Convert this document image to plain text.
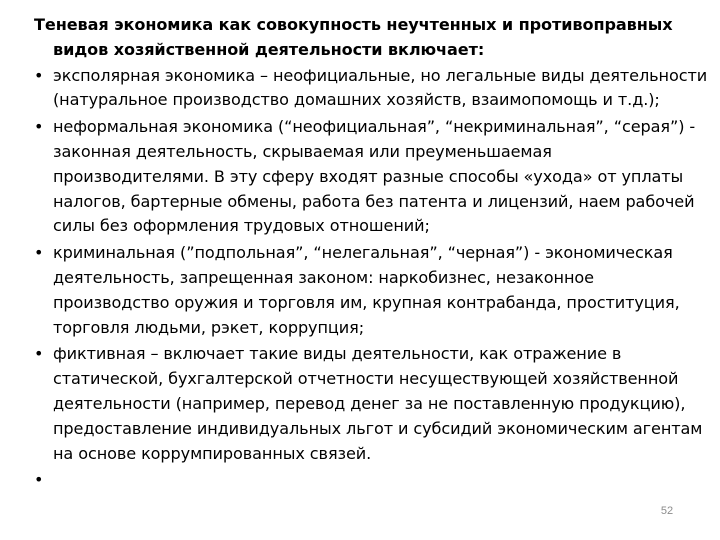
Теневая экономика как совокупность неучтенных и противоправных видов хозяйственной деятельности включает:

• эксполярная экономика – неофициальные, но легальные виды деятельности (натуральное производство домашних хозяйств, взаимопомощь и т.д.);
• неформальная экономика (“неофициальная”, “некриминальная”, “серая”) - законная деятельность, скрываемая или преуменьшаемая производителями. В эту сферу входят разные способы «ухода» от уплаты налогов, бартерные обмены, работа без патента и лицензий, наем рабочей силы без оформления трудовых отношений;
• криминальная (”подпольная”, “нелегальная”, “черная”) - экономическая деятельность, запрещенная законом: наркобизнес, незаконное производство оружия и торговля им, крупная контрабанда, проституция, торговля людьми, рэкет, коррупция;
• фиктивная – включает такие виды деятельности, как отражение в статической, бухгалтерской отчетности несуществующей хозяйственной деятельности (например, перевод денег за не поставленную продукцию), предоставление индивидуальных льгот и субсидий экономическим агентам на основе коррумпированных связей.
•

52
